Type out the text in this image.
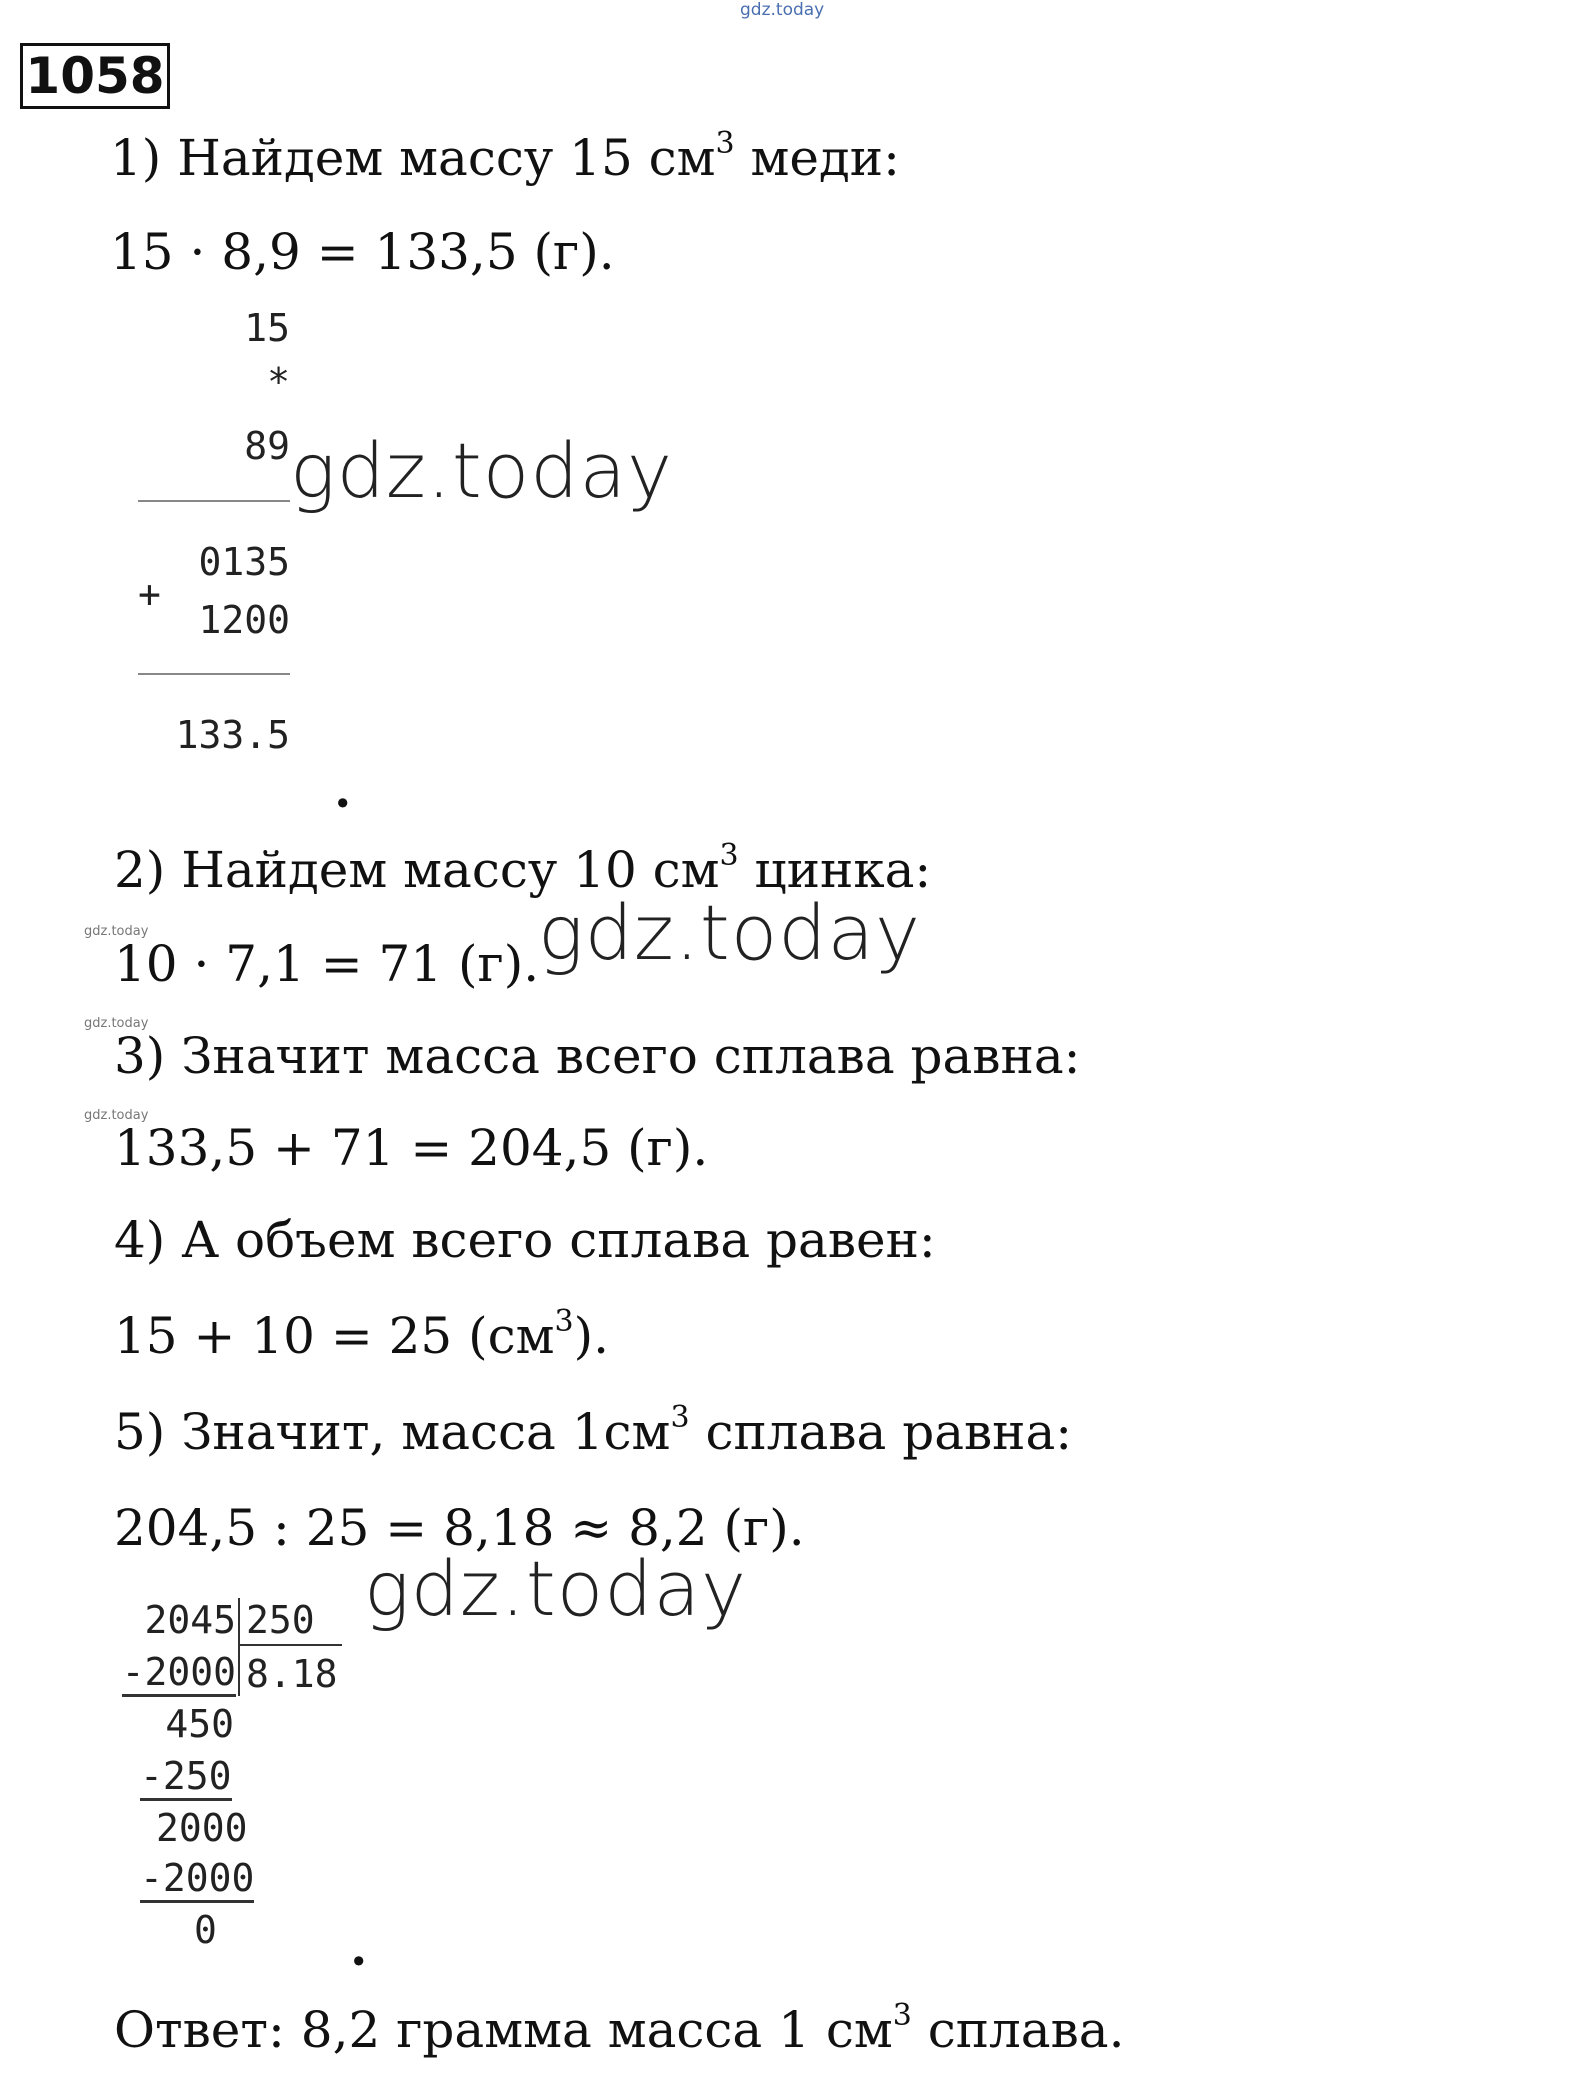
gdz.today
1058
1) Найдем массу 15 $см^3$ меди:
15 · 8,9 = 133,5 (г).
15
*
89
0135
+
1200
133.5
.
gdz.today
2) Найдем массу 10 $см^3$ цинка:
gdz.today
10 · 7,1 = 71 (г).
gdz.today
gdz.today
3) Значит масса всего сплава равна:
gdz.today
133,5 + 71 = 204,5 (г).
4) А объем всего сплава равен:
15 + 10 = 25 $(см^3)$.
5) Значит, масса $1см^3$ сплава равна:
204,5 : 25 = 8,18 ≈ 8,2 (г).
gdz.today
2045 250
8.18
-2000
450
-250
2000
-2000
0	.
Ответ: 8,2 грамма масса 1 $см^3$ сплава.
